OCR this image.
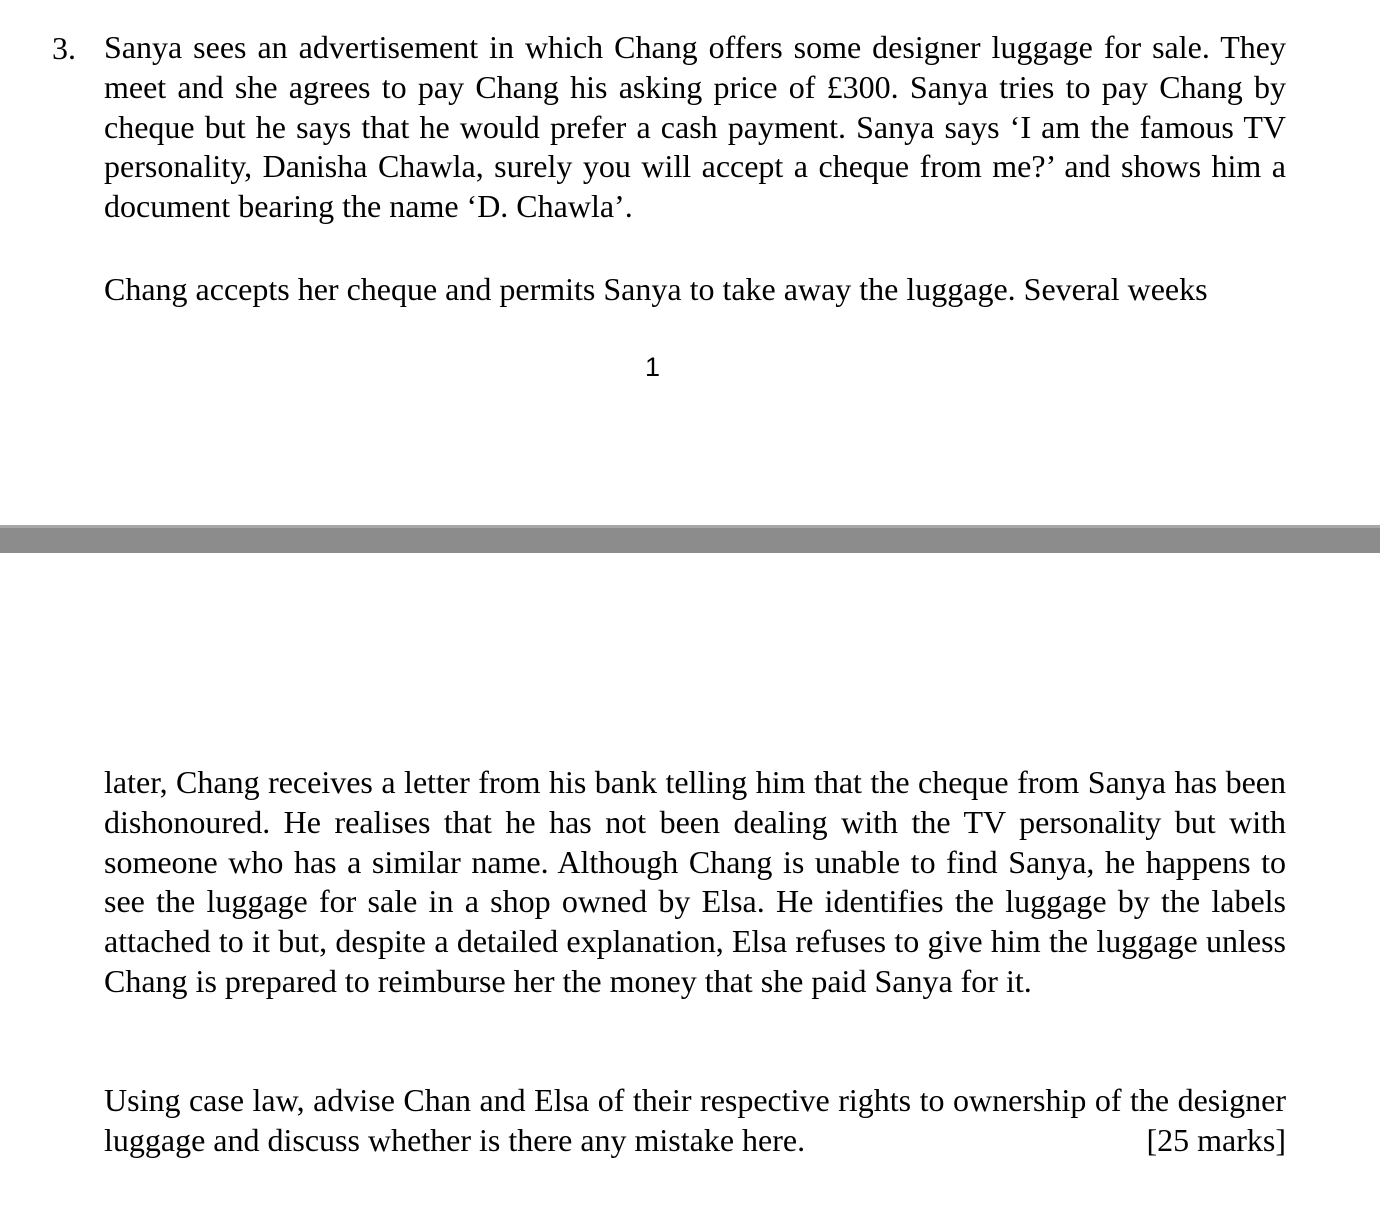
3. Sanya sees an advertisement in which Chang offers some designer luggage for sale. They meet and she agrees to pay Chang his asking price of £300. Sanya tries to pay Chang by cheque but he says that he would prefer a cash payment. Sanya says ‘I am the famous TV personality, Danisha Chawla, surely you will accept a cheque from me?’ and shows him a document bearing the name ‘D. Chawla’.

Chang accepts her cheque and permits Sanya to take away the luggage. Several weeks

1

later, Chang receives a letter from his bank telling him that the cheque from Sanya has been dishonoured. He realises that he has not been dealing with the TV personality but with someone who has a similar name. Although Chang is unable to find Sanya, he happens to see the luggage for sale in a shop owned by Elsa. He identifies the luggage by the labels attached to it but, despite a detailed explanation, Elsa refuses to give him the luggage unless Chang is prepared to reimburse her the money that she paid Sanya for it.

Using case law, advise Chan and Elsa of their respective rights to ownership of the designer luggage and discuss whether is there any mistake here.	[25 marks]
